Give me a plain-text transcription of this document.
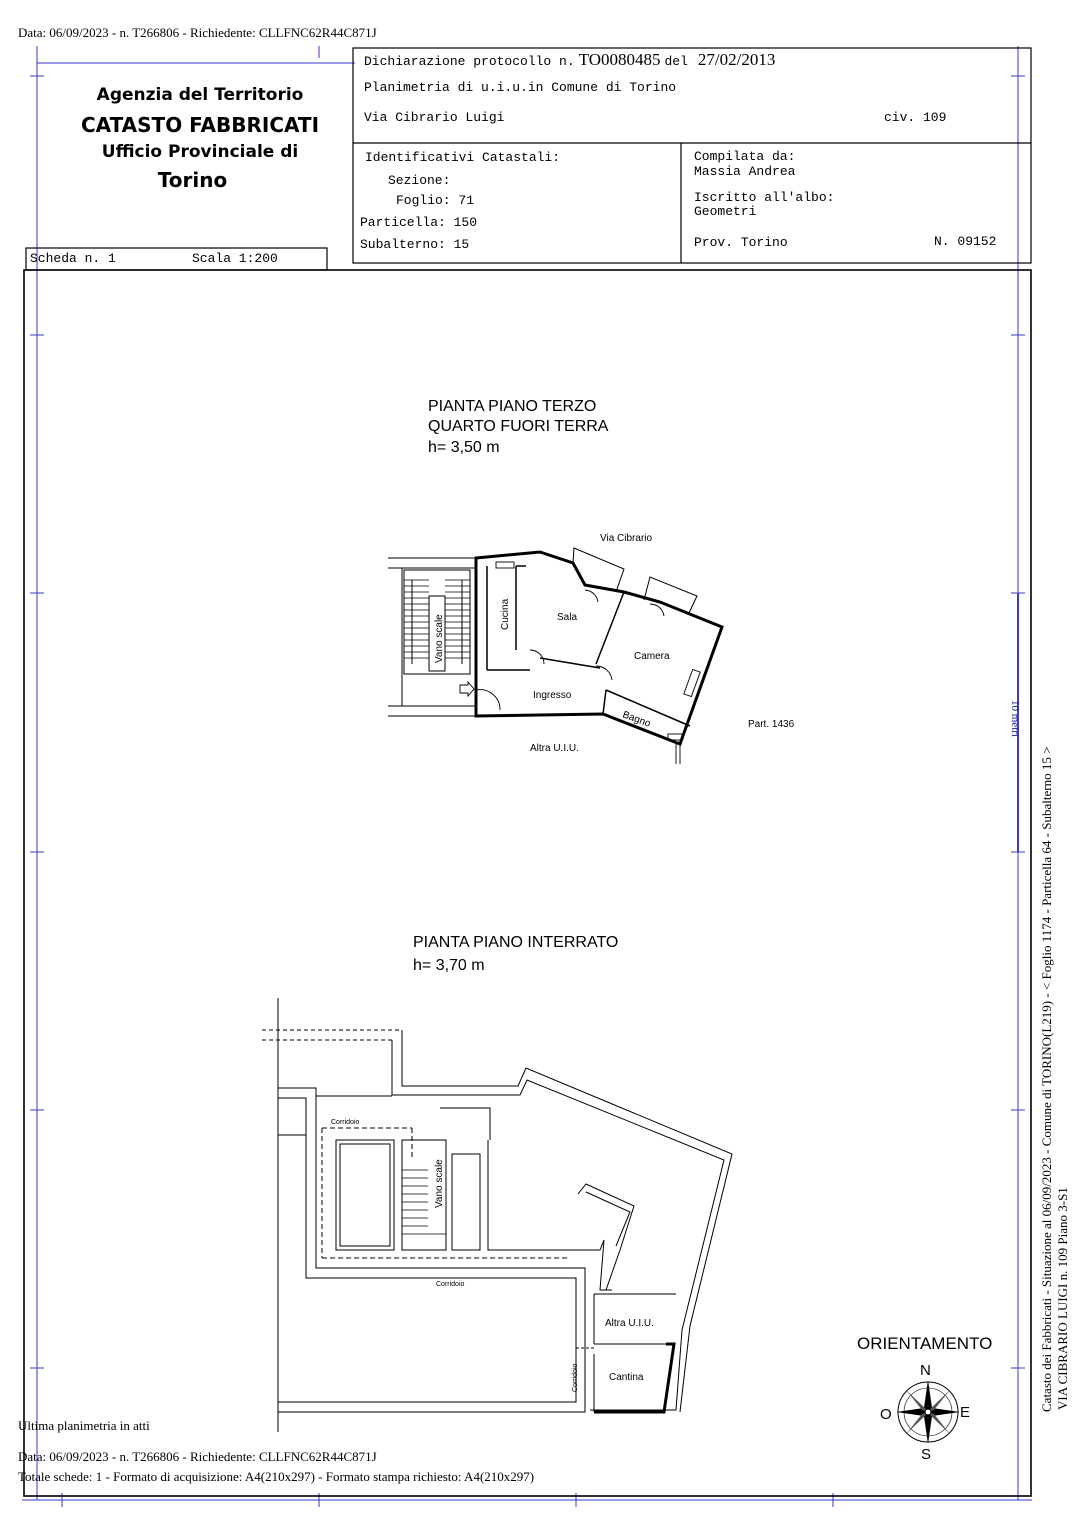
Data: 06/09/2023 - n. T266806 - Richiedente: CLLFNC62R44C871J
Agenzia del Territorio
CATASTO FABBRICATI
Ufficio Provinciale di
Torino
Dichiarazione protocollo n. TO0080485 del 27/02/2013
Planimetria di u.i.u.in Comune di Torino
Via Cibrario Luigi	civ. 109
Identificativi Catastali:
Sezione:
Foglio: 71
Particella: 150
Subalterno: 15
Compilata da:
Massia Andrea
Iscritto all'albo:
Geometri
Prov. Torino	N. 09152
Scheda n. 1	Scala 1:200
PIANTA PIANO TERZO
QUARTO FUORI TERRA
h= 3,50 m
Via Cibrario
Cucina	Sala
Camera
Ingresso
Bagno
Vano scale
Part. 1436
Altra U.I.U.
PIANTA PIANO INTERRATO
h= 3,70 m
Corridoio
Corridoio
Corridoio
Vano scale
Altra U.I.U.
Cantina
ORIENTAMENTO
N
S
E
O
10 metri
Catasto dei Fabbricati - Situazione al 06/09/2023 - Comune di TORINO(L219) - < Foglio 1174 - Particella 64 - Subalterno 15 > VIA CIBRARIO LUIGI n. 109 Piano 3-S1
Ultima planimetria in atti
Data: 06/09/2023 - n. T266806 - Richiedente: CLLFNC62R44C871J
Totale schede: 1 - Formato di acquisizione: A4(210x297) - Formato stampa richiesto: A4(210x297)
